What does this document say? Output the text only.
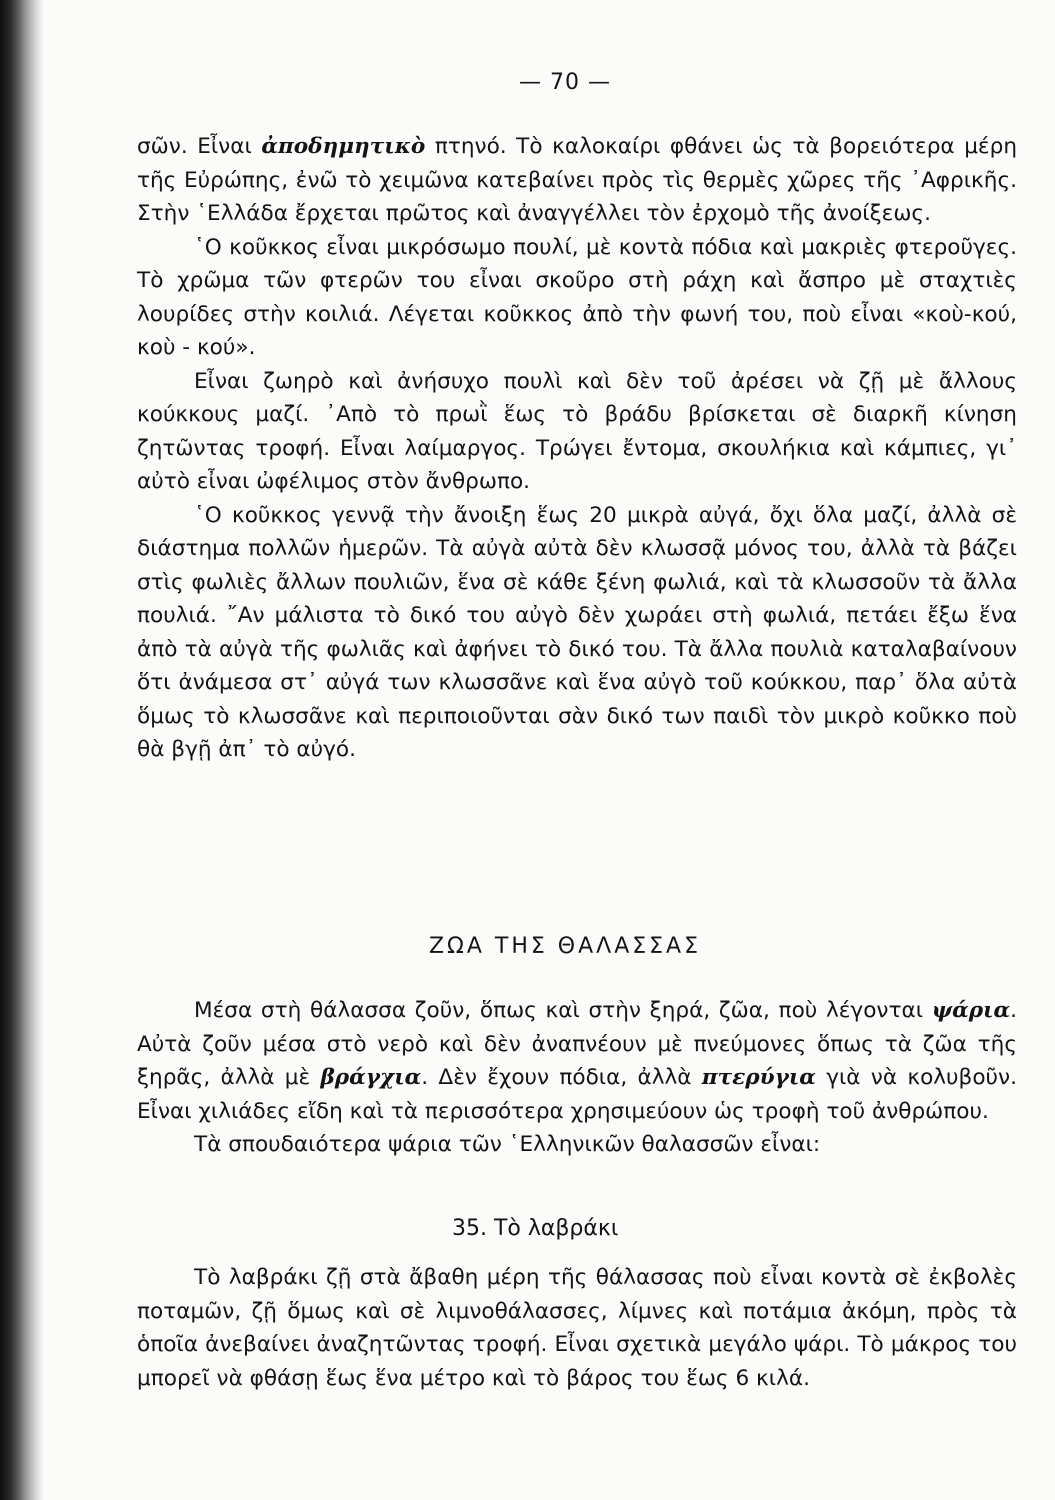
— 70 —

σῶν. Εἶναι ἀποδημητικὸ πτηνό. Τὸ καλοκαίρι φθάνει ὡς τὰ βορειότερα μέρη τῆς Εὐρώπης, ἐνῶ τὸ χειμῶνα κατεβαίνει πρὸς τὶς θερμὲς χῶρες τῆς ᾽Αφρικῆς. Στὴν ῾Ελλάδα ἔρχεται πρῶτος καὶ ἀναγγέλλει τὸν ἐρχομὸ τῆς ἀνοίξεως.

῾Ο κοῦκκος εἶναι μικρόσωμο πουλί, μὲ κοντὰ πόδια καὶ μακριὲς φτεροῦγες. Τὸ χρῶμα τῶν φτερῶν του εἶναι σκοῦρο στὴ ράχη καὶ ἄσπρο μὲ σταχτιὲς λουρίδες στὴν κοιλιά. Λέγεται κοῦκκος ἀπὸ τὴν φωνή του, ποὺ εἶναι «κοὺ-κού, κοὺ - κού».

Εἶναι ζωηρὸ καὶ ἀνήσυχο πουλὶ καὶ δὲν τοῦ ἀρέσει νὰ ζῇ μὲ ἄλλους κούκκους μαζί. ᾽Απὸ τὸ πρωῒ ἕως τὸ βράδυ βρίσκεται σὲ διαρκῆ κίνηση ζητῶντας τροφή. Εἶναι λαίμαργος. Τρώγει ἔντομα, σκουλήκια καὶ κάμπιες, γι᾽ αὐτὸ εἶναι ὠφέλιμος στὸν ἄνθρωπο.

῾Ο κοῦκκος γεννᾷ τὴν ἄνοιξη ἕως 20 μικρὰ αὐγά, ὄχι ὅλα μαζί, ἀλλὰ σὲ διάστημα πολλῶν ἡμερῶν. Τὰ αὐγὰ αὐτὰ δὲν κλωσσᾷ μόνος του, ἀλλὰ τὰ βάζει στὶς φωλιὲς ἄλλων πουλιῶν, ἕνα σὲ κάθε ξένη φωλιά, καὶ τὰ κλωσσοῦν τὰ ἄλλα πουλιά. ῎Αν μάλιστα τὸ δικό του αὐγὸ δὲν χωράει στὴ φωλιά, πετάει ἔξω ἕνα ἀπὸ τὰ αὐγὰ τῆς φωλιᾶς καὶ ἀφήνει τὸ δικό του. Τὰ ἄλλα πουλιὰ καταλαβαίνουν ὅτι ἀνάμεσα στ᾽ αὐγά των κλωσσᾶνε καὶ ἕνα αὐγὸ τοῦ κούκκου, παρ᾽ ὅλα αὐτὰ ὅμως τὸ κλωσσᾶνε καὶ περιποιοῦνται σὰν δικό των παιδὶ τὸν μικρὸ κοῦκκο ποὺ θὰ βγῇ ἀπ᾽ τὸ αὐγό.

ΖΩΑ ΤΗΣ ΘΑΛΑΣΣΑΣ

Μέσα στὴ θάλασσα ζοῦν, ὅπως καὶ στὴν ξηρά, ζῶα, ποὺ λέγονται ψάρια. Αὐτὰ ζοῦν μέσα στὸ νερὸ καὶ δὲν ἀναπνέουν μὲ πνεύμονες ὅπως τὰ ζῶα τῆς ξηρᾶς, ἀλλὰ μὲ βράγχια. Δὲν ἔχουν πόδια, ἀλλὰ πτερύγια γιὰ νὰ κολυβοῦν. Εἶναι χιλιάδες εἴδη καὶ τὰ περισσότερα χρησιμεύουν ὡς τροφὴ τοῦ ἀνθρώπου.

Τὰ σπουδαιότερα ψάρια τῶν ῾Ελληνικῶν θαλασσῶν εἶναι:

35. Τὸ λαβράκι

Τὸ λαβράκι ζῇ στὰ ἄβαθη μέρη τῆς θάλασσας ποὺ εἶναι κοντὰ σὲ ἐκβολὲς ποταμῶν, ζῇ ὅμως καὶ σὲ λιμνοθάλασσες, λίμνες καὶ ποτάμια ἀκόμη, πρὸς τὰ ὁποῖα ἀνεβαίνει ἀναζητῶντας τροφή. Εἶναι σχετικὰ μεγάλο ψάρι. Τὸ μάκρος του μπορεῖ νὰ φθάσῃ ἕως ἕνα μέτρο καὶ τὸ βάρος του ἕως 6 κιλά.
